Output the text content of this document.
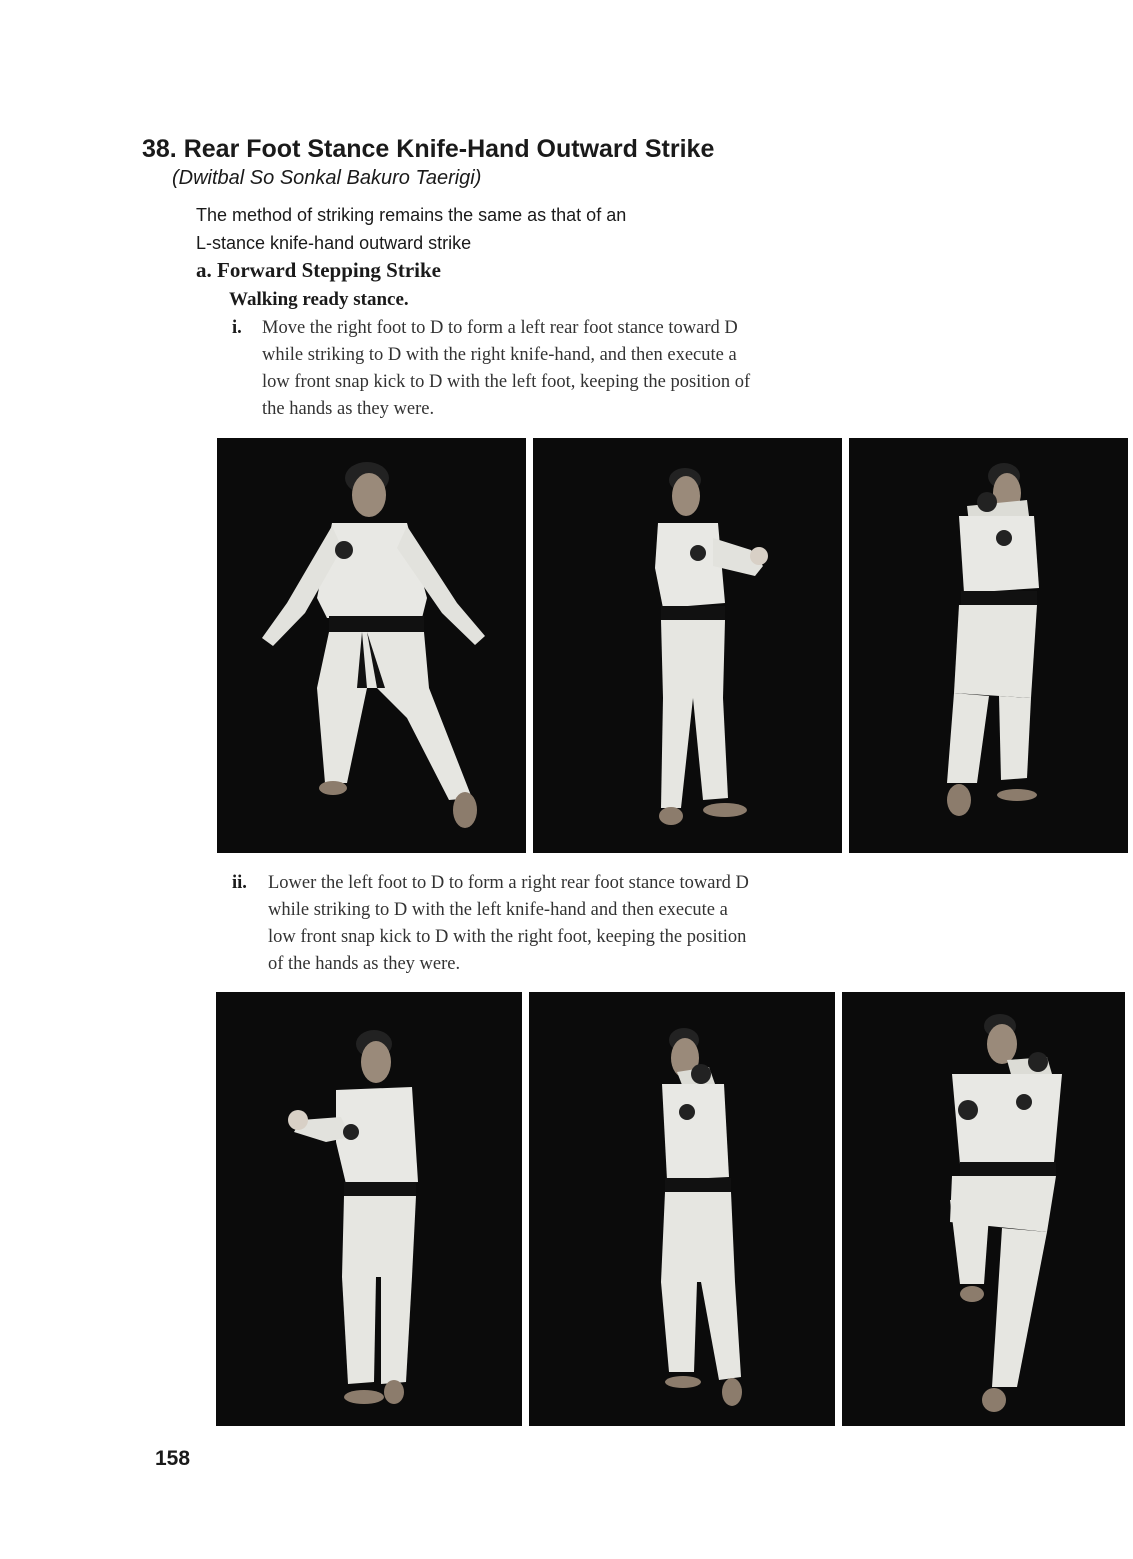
38. Rear Foot Stance Knife-Hand Outward Strike
(Dwitbal So Sonkal Bakuro Taerigi)
The method of striking remains the same as that of an
L-stance knife-hand outward strike
a. Forward Stepping Strike
Walking ready stance.
i. Move the right foot to D to form a left rear foot stance toward D
while striking to D with the right knife-hand, and then execute a
low front snap kick to D with the left foot, keeping the position of
the hands as they were.
ii. Lower the left foot to D to form a right rear foot stance toward D
while striking to D with the left knife-hand and then execute a
low front snap kick to D with the right foot, keeping the position
of the hands as they were.
158
